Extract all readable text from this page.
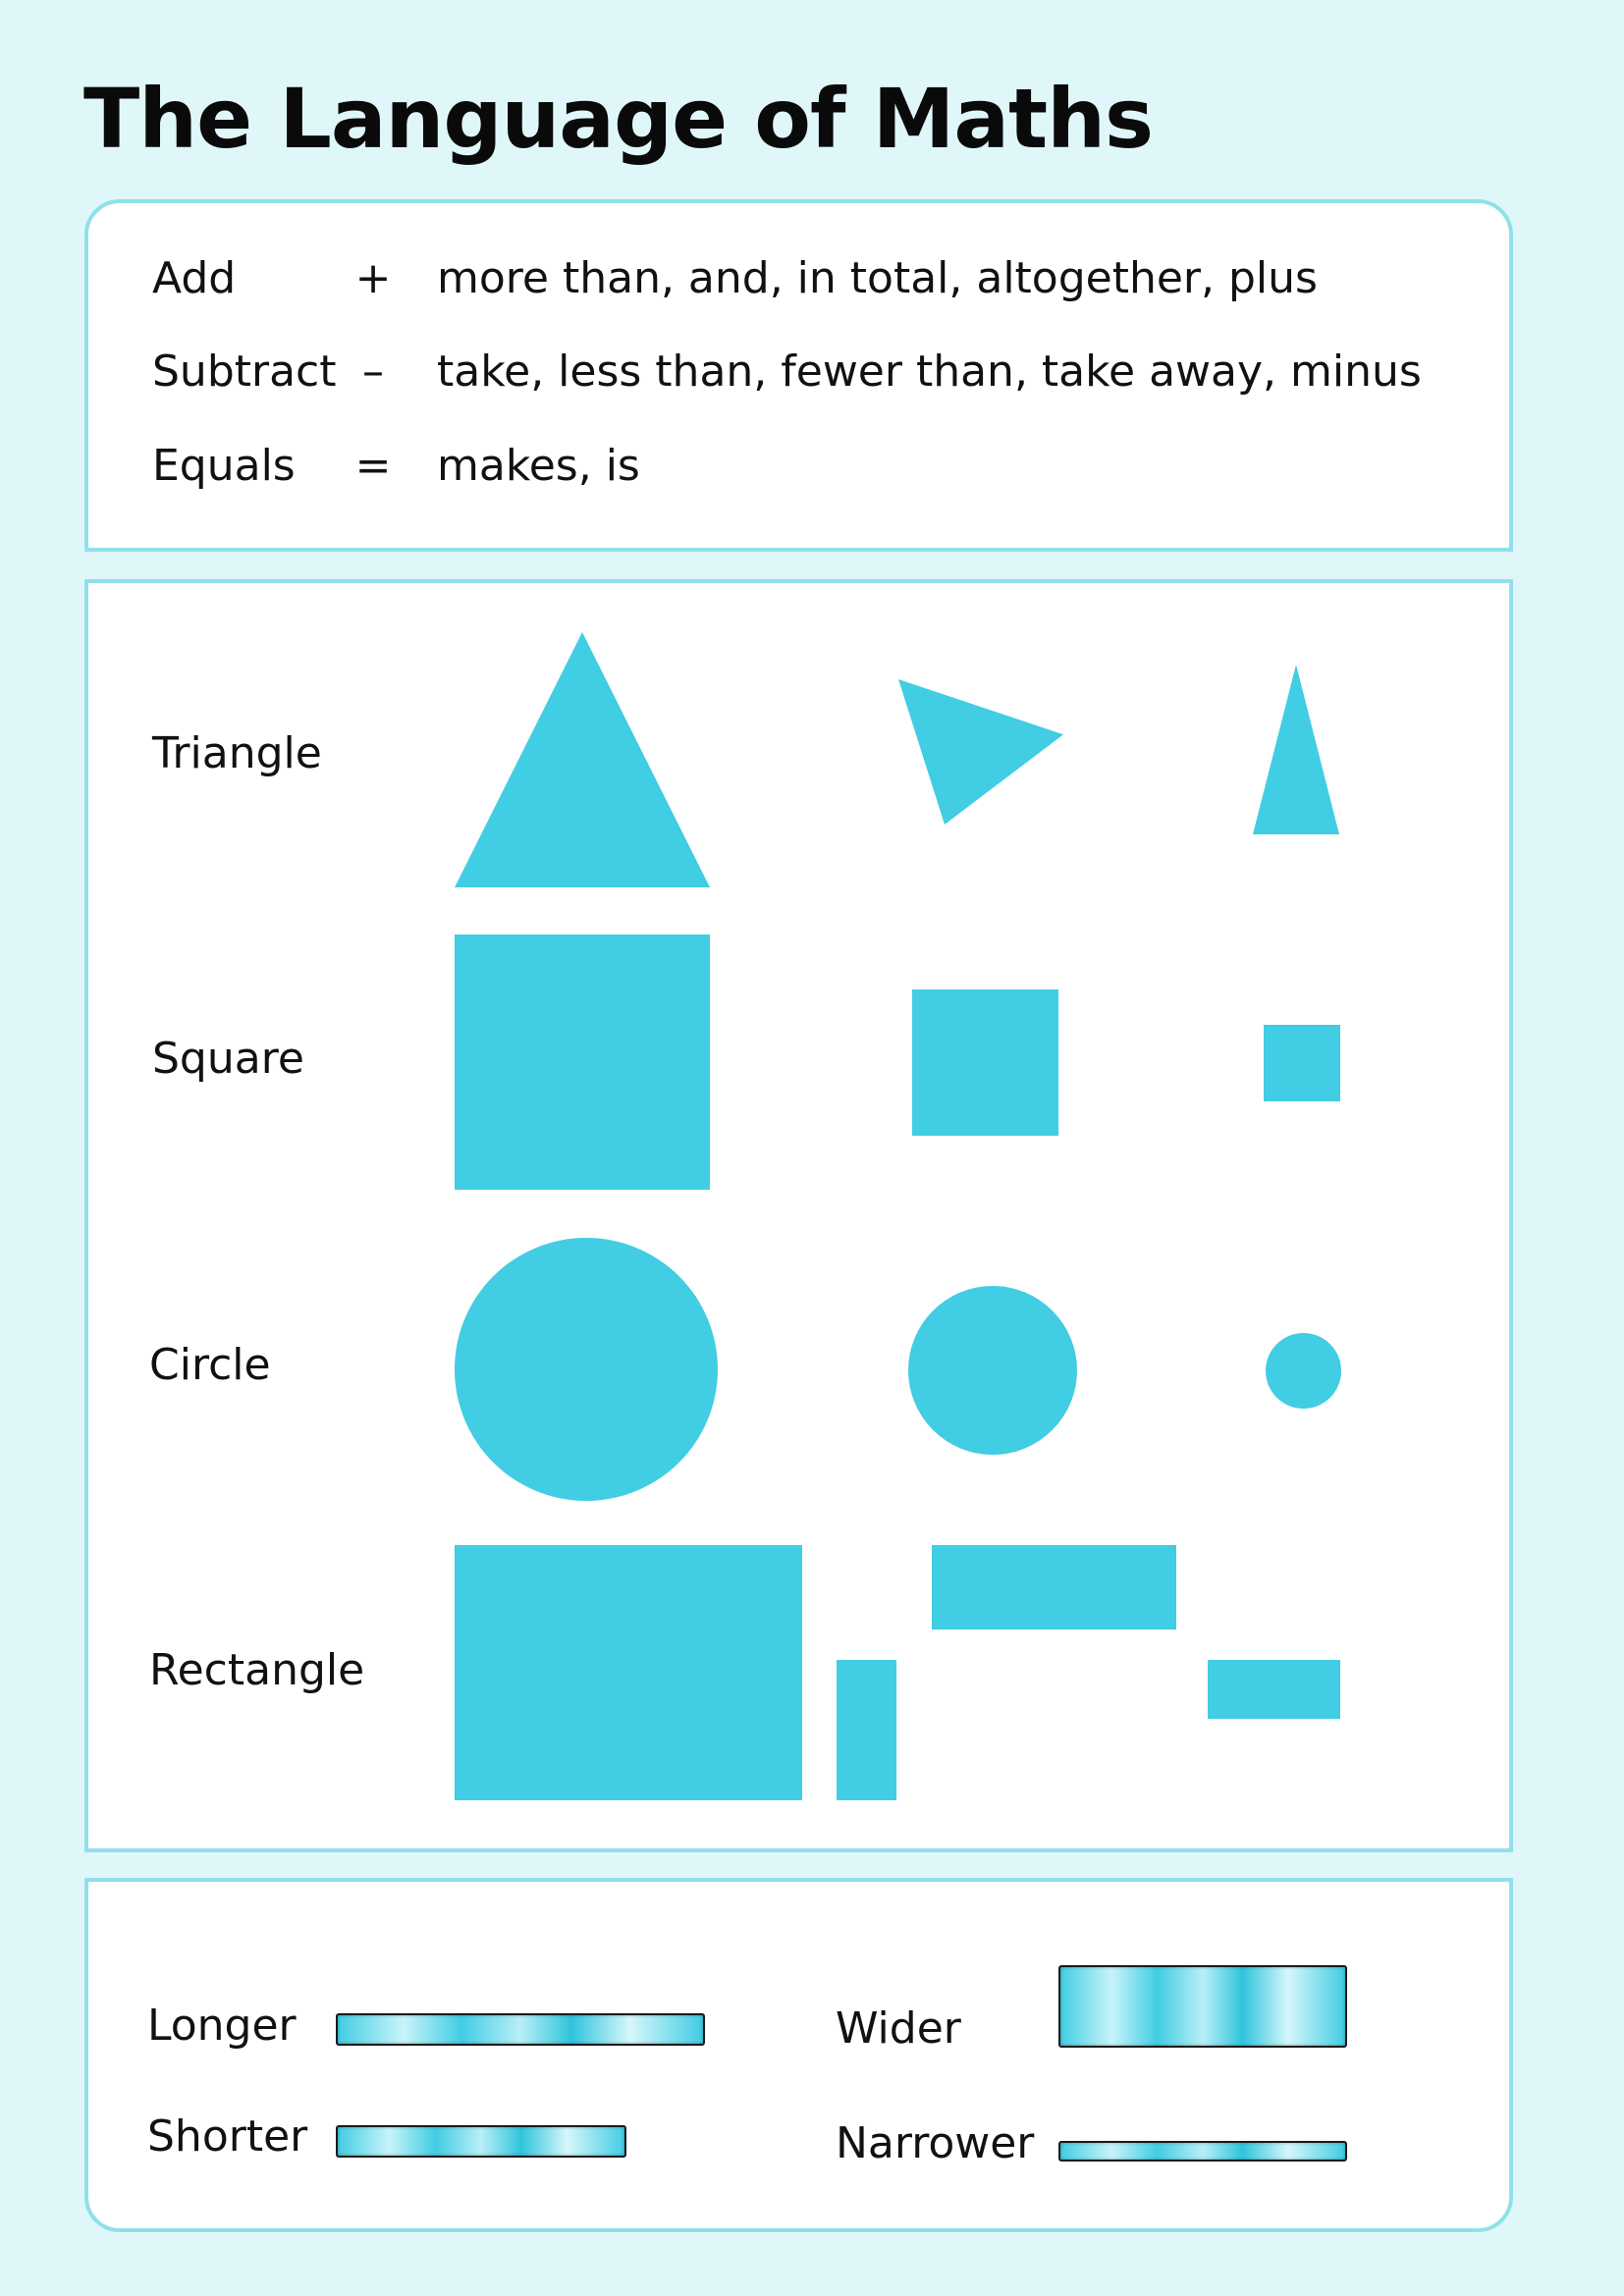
The Language of Maths
Add	+ more than, and, in total, altogether, plus
Subtract – take, less than, fewer than, take away, minus
Equals = makes, is
Triangle
Square
Circle
Rectangle
Longer
Shorter
Wider
Narrower
